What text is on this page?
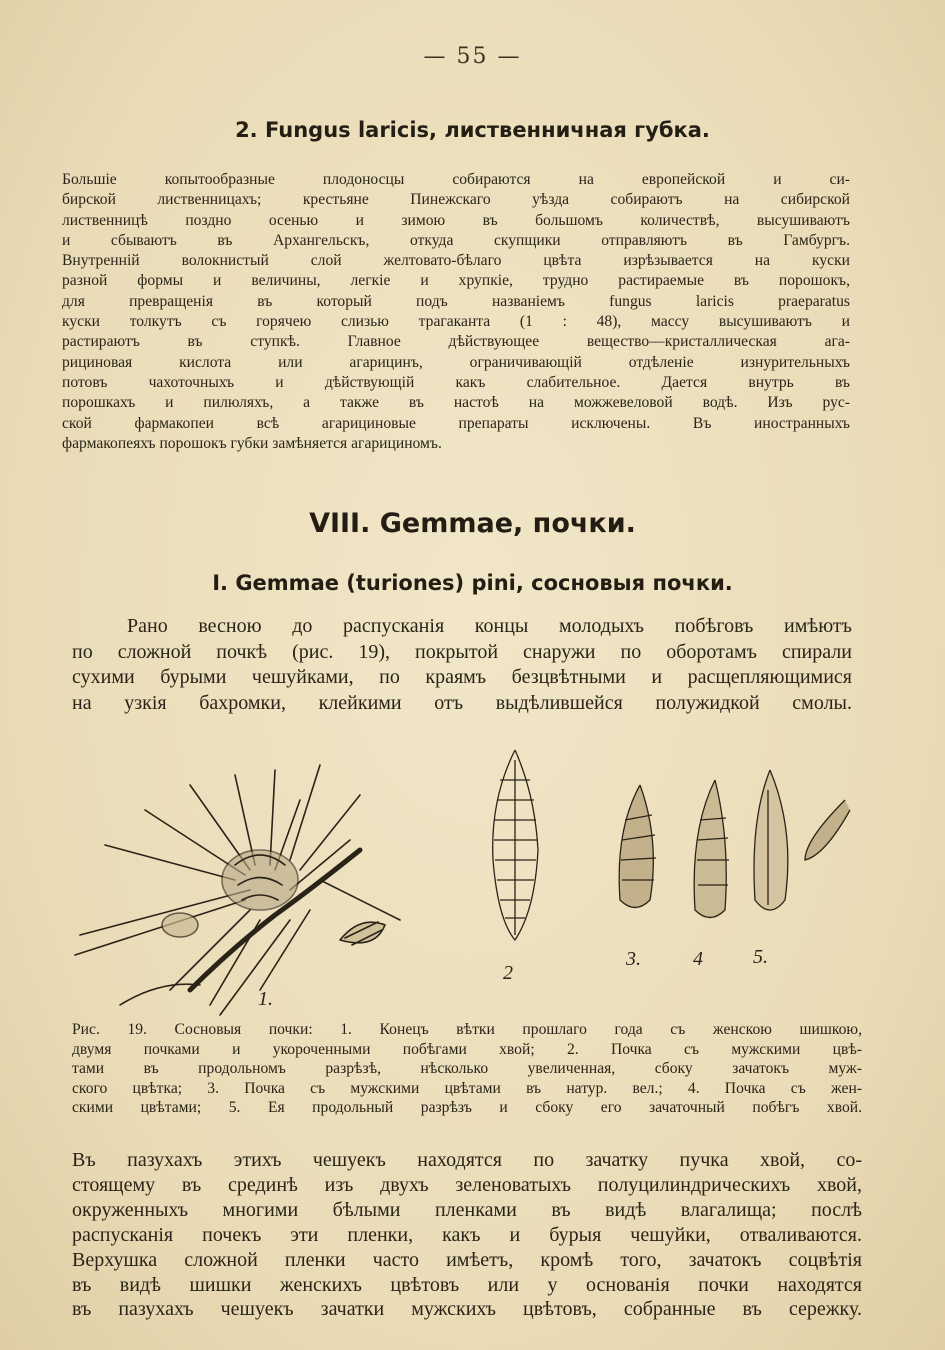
— 55 —
2. Fungus laricis, лиственничная губка.
Большіе копытообразные плодоносцы собираются на европейской и си-
бирской лиственницахъ; крестьяне Пинежскаго уѣзда собираютъ на сибирской
лиственницѣ поздно осенью и зимою въ большомъ количествѣ, высушиваютъ
и сбываютъ въ Архангельскъ, откуда скупщики отправляютъ въ Гамбургъ.
Внутренній волокнистый слой желтовато-бѣлаго цвѣта изрѣзывается на куски
разной формы и величины, легкіе и хрупкіе, трудно растираемые въ порошокъ,
для превращенія въ который подъ названіемъ fungus laricis praeparatus
куски толкутъ съ горячею слизью трагаканта (1 : 48), массу высушиваютъ и
растираютъ въ ступкѣ. Главное дѣйствующее вещество—кристаллическая ага-
рициновая кислота или агарицинъ, ограничивающій отдѣленіе изнурительныхъ
потовъ чахоточныхъ и дѣйствующій какъ слабительное. Дается внутрь въ
порошкахъ и пилюляхъ, а также въ настоѣ на можжевеловой водѣ. Изъ рус-
ской фармакопеи всѣ агарициновые препараты исключены. Въ иностранныхъ
фармакопеяхъ порошокъ губки замѣняется агарициномъ.
VIII. Gemmae, почки.
I. Gemmae (turiones) pini, сосновыя почки.
Рано весною до распусканія концы молодыхъ побѣговъ имѣютъ
по сложной почкѣ (рис. 19), покрытой снаружи по оборотамъ спирали
сухими бурыми чешуйками, по краямъ безцвѣтными и расщепляющимися
на узкія бахромки, клейкими отъ выдѣлившейся полужидкой смолы.
1.
2
3.	4	5.
Рис. 19. Сосновыя почки: 1. Конецъ вѣтки прошлаго года съ женскою шишкою,
двумя почками и укороченными побѣгами хвой; 2. Почка съ мужскими цвѣ-
тами въ продольномъ разрѣзѣ, нѣсколько увеличенная, сбоку зачатокъ муж-
ского цвѣтка; 3. Почка съ мужскими цвѣтами въ натур. вел.; 4. Почка съ жен-
скими цвѣтами; 5. Ея продольный разрѣзъ и сбоку его зачаточный побѣгъ хвой.
Въ пазухахъ этихъ чешуекъ находятся по зачатку пучка хвой, со-
стоящему въ срединѣ изъ двухъ зеленоватыхъ полуцилиндрическихъ хвой,
окруженныхъ многими бѣлыми пленками въ видѣ влагалища; послѣ
распусканія почекъ эти пленки, какъ и бурыя чешуйки, отваливаются.
Верхушка сложной пленки часто имѣетъ, кромѣ того, зачатокъ соцвѣтія
въ видѣ шишки женскихъ цвѣтовъ или у основанія почки находятся
въ пазухахъ чешуекъ зачатки мужскихъ цвѣтовъ, собранные въ сережку.
